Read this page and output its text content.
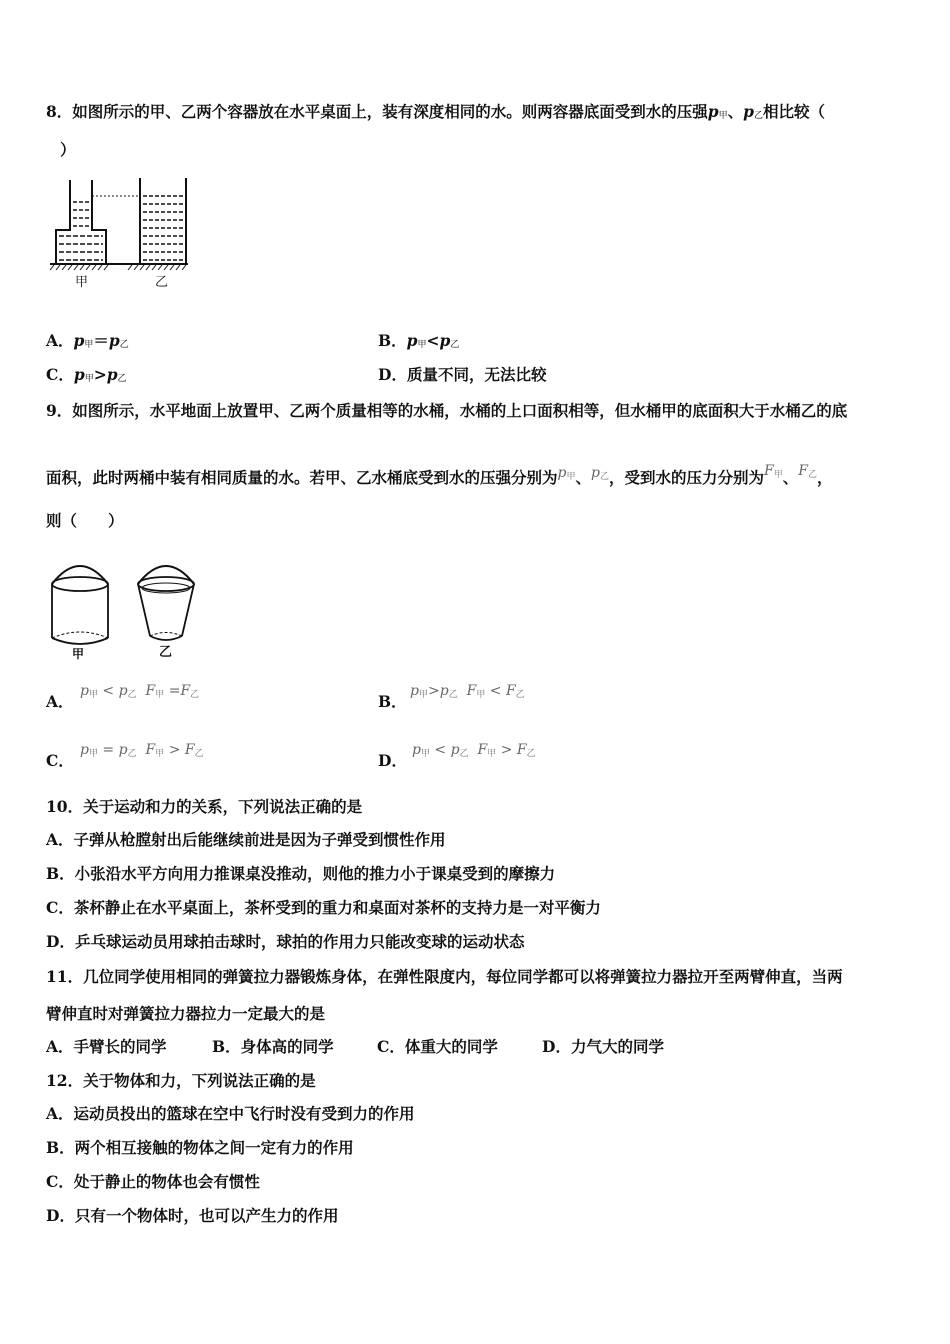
8．如图所示的甲、乙两个容器放在水平桌面上，装有深度相同的水。则两容器底面受到水的压强p甲、p乙相比较（
）
甲	乙
A．p甲＝p乙	B．p甲<p乙
C．p甲>p乙	D．质量不同，无法比较
9．如图所示，水平地面上放置甲、乙两个质量相等的水桶，水桶的上口面积相等，但水桶甲的底面积大于水桶乙的底
面积，此时两桶中装有相同质量的水。若甲、乙水桶底受到水的压强分别为p甲、p乙，受到水的压力分别为F甲、F乙，
则（　　）
甲	乙
A．
p甲 < p乙 F甲 =F乙	B．
p甲>p乙 F甲 < F乙
C．
p甲 = p乙 F甲 > F乙	D．
p甲 < p乙 F甲 > F乙
10．关于运动和力的关系，下列说法正确的是
A．子弹从枪膛射出后能继续前进是因为子弹受到惯性作用
B．小张沿水平方向用力推课桌没推动，则他的推力小于课桌受到的摩擦力
C．茶杯静止在水平桌面上，茶杯受到的重力和桌面对茶杯的支持力是一对平衡力
D．乒乓球运动员用球拍击球时，球拍的作用力只能改变球的运动状态
11．几位同学使用相同的弹簧拉力器锻炼身体，在弹性限度内，每位同学都可以将弹簧拉力器拉开至两臂伸直，当两
臂伸直时对弹簧拉力器拉力一定最大的是
A．手臂长的同学	B．身体高的同学	C．体重大的同学	D．力气大的同学
12．关于物体和力，下列说法正确的是
A．运动员投出的篮球在空中飞行时没有受到力的作用
B．两个相互接触的物体之间一定有力的作用
C．处于静止的物体也会有惯性
D．只有一个物体时，也可以产生力的作用
